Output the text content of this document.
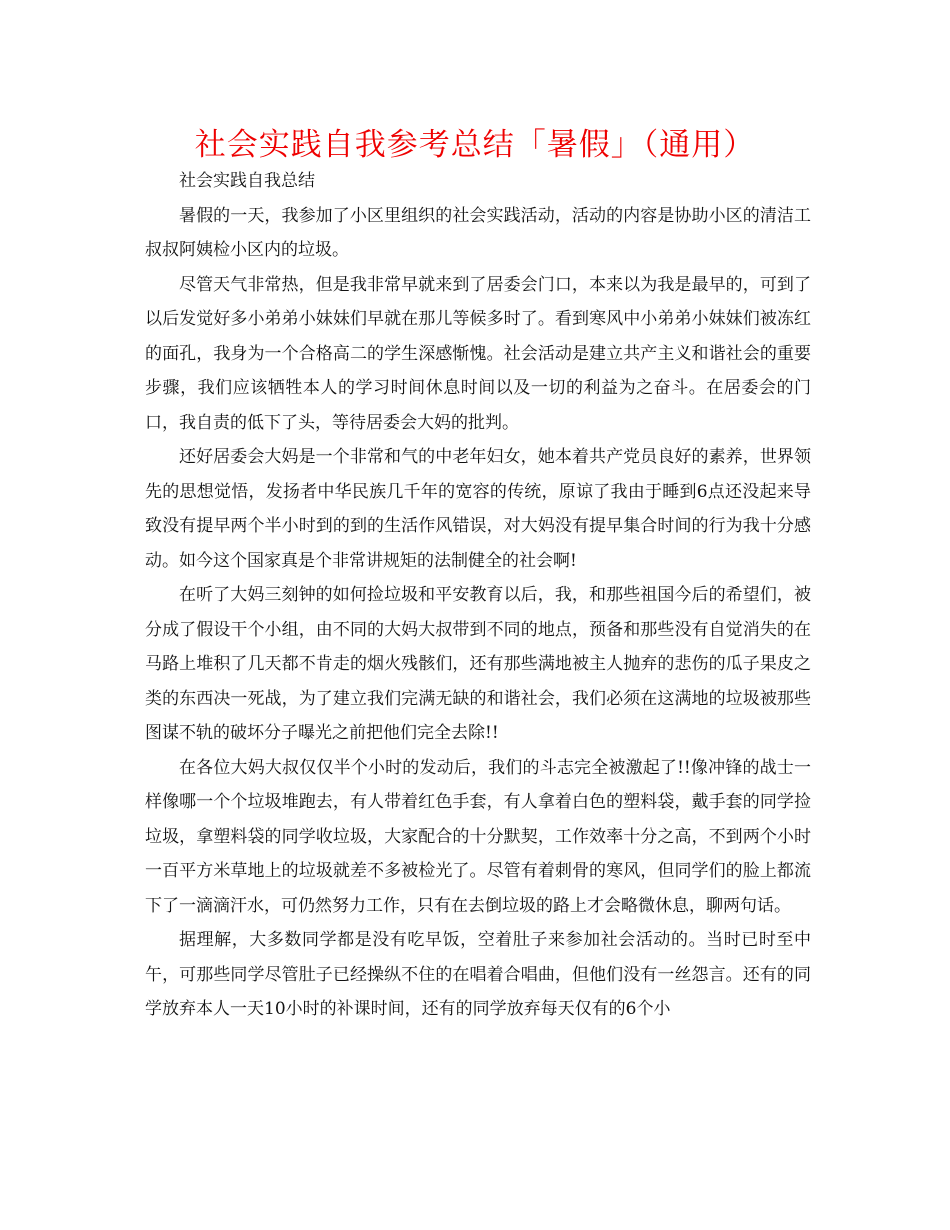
社会实践自我参考总结「暑假」（通用）

社会实践自我总结

暑假的一天，我参加了小区里组织的社会实践活动，活动的内容是协助小区的清洁工叔叔阿姨检小区内的垃圾。

尽管天气非常热，但是我非常早就来到了居委会门口，本来以为我是最早的，可到了以后发觉好多小弟弟小妹妹们早就在那儿等候多时了。看到寒风中小弟弟小妹妹们被冻红的面孔，我身为一个合格高二的学生深感惭愧。社会活动是建立共产主义和谐社会的重要步骤，我们应该牺牲本人的学习时间休息时间以及一切的利益为之奋斗。在居委会的门口，我自责的低下了头，等待居委会大妈的批判。

还好居委会大妈是一个非常和气的中老年妇女，她本着共产党员良好的素养，世界领先的思想觉悟，发扬者中华民族几千年的宽容的传统，原谅了我由于睡到6点还没起来导致没有提早两个半小时到的到的生活作风错误，对大妈没有提早集合时间的行为我十分感动。如今这个国家真是个非常讲规矩的法制健全的社会啊!

在听了大妈三刻钟的如何捡垃圾和平安教育以后，我，和那些祖国今后的希望们，被分成了假设干个小组，由不同的大妈大叔带到不同的地点，预备和那些没有自觉消失的在马路上堆积了几天都不肯走的烟火残骸们，还有那些满地被主人抛弃的悲伤的瓜子果皮之类的东西决一死战，为了建立我们完满无缺的和谐社会，我们必须在这满地的垃圾被那些图谋不轨的破坏分子曝光之前把他们完全去除!!

在各位大妈大叔仅仅半个小时的发动后，我们的斗志完全被激起了!!像冲锋的战士一样像哪一个个垃圾堆跑去，有人带着红色手套，有人拿着白色的塑料袋，戴手套的同学捡垃圾，拿塑料袋的同学收垃圾，大家配合的十分默契，工作效率十分之高，不到两个小时一百平方米草地上的垃圾就差不多被检光了。尽管有着刺骨的寒风，但同学们的脸上都流下了一滴滴汗水，可仍然努力工作，只有在去倒垃圾的路上才会略微休息，聊两句话。

据理解，大多数同学都是没有吃早饭，空着肚子来参加社会活动的。当时已时至中午，可那些同学尽管肚子已经操纵不住的在唱着合唱曲，但他们没有一丝怨言。还有的同学放弃本人一天10小时的补课时间，还有的同学放弃每天仅有的6个小
